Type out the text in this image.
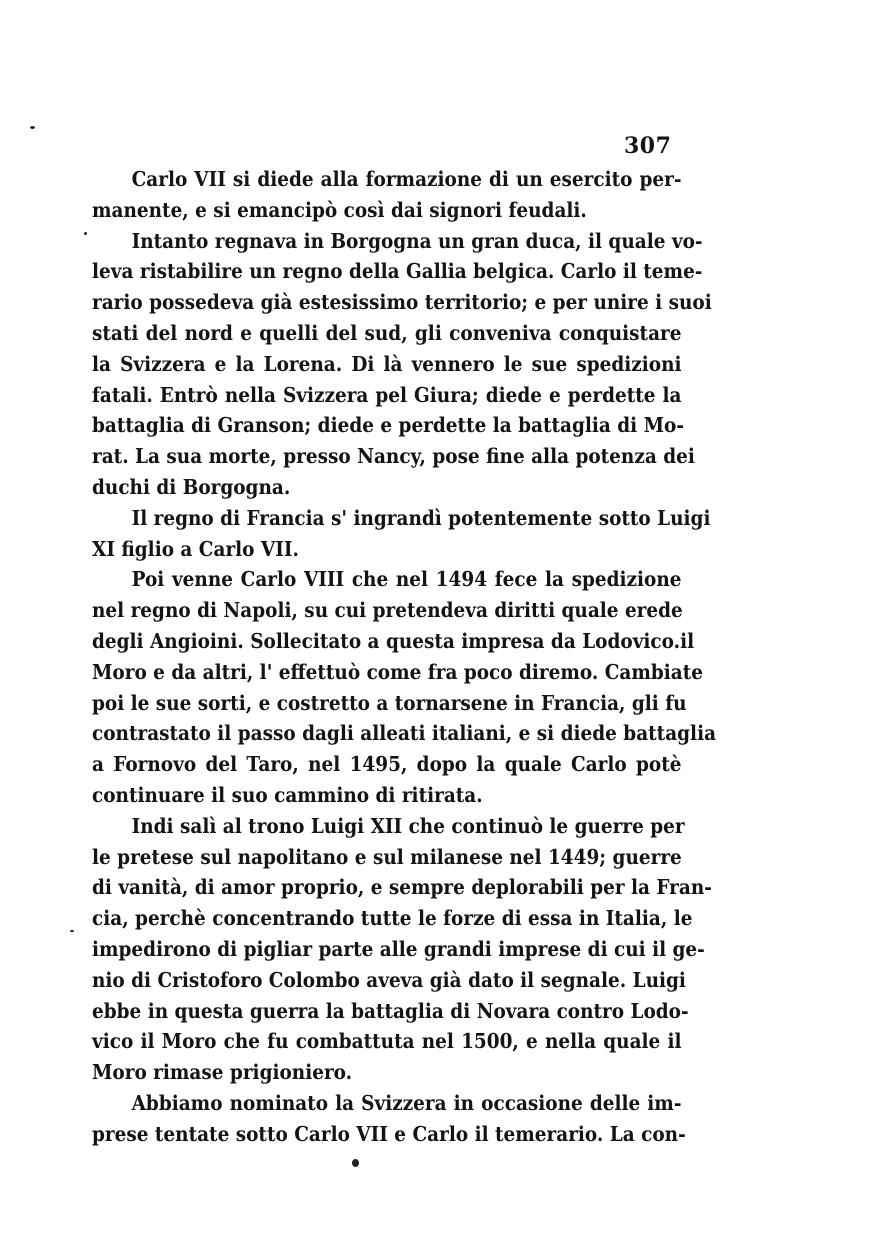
307
Carlo VII si diede alla formazione di un esercito per-
manente, e si emancipò così dai signori feudali.
Intanto regnava in Borgogna un gran duca, il quale vo-
leva ristabilire un regno della Gallia belgica. Carlo il teme-
rario possedeva già estesissimo territorio; e per unire i suoi
stati del nord e quelli del sud, gli conveniva conquistare
la Svizzera e la Lorena. Di là vennero le sue spedizioni
fatali. Entrò nella Svizzera pel Giura; diede e perdette la
battaglia di Granson; diede e perdette la battaglia di Mo-
rat. La sua morte, presso Nancy, pose fine alla potenza dei
duchi di Borgogna.
Il regno di Francia s' ingrandì potentemente sotto Luigi
XI figlio a Carlo VII.
Poi venne Carlo VIII che nel 1494 fece la spedizione
nel regno di Napoli, su cui pretendeva diritti quale erede
degli Angioini. Sollecitato a questa impresa da Lodovico.il
Moro e da altri, l' effettuò come fra poco diremo. Cambiate
poi le sue sorti, e costretto a tornarsene in Francia, gli fu
contrastato il passo dagli alleati italiani, e si diede battaglia
a Fornovo del Taro, nel 1495, dopo la quale Carlo potè
continuare il suo cammino di ritirata.
Indi salì al trono Luigi XII che continuò le guerre per
le pretese sul napolitano e sul milanese nel 1449; guerre
di vanità, di amor proprio, e sempre deplorabili per la Fran-
cia, perchè concentrando tutte le forze di essa in Italia, le
impedirono di pigliar parte alle grandi imprese di cui il ge-
nio di Cristoforo Colombo aveva già dato il segnale. Luigi
ebbe in questa guerra la battaglia di Novara contro Lodo-
vico il Moro che fu combattuta nel 1500, e nella quale il
Moro rimase prigioniero.
Abbiamo nominato la Svizzera in occasione delle im-
prese tentate sotto Carlo VII e Carlo il temerario. La con-
